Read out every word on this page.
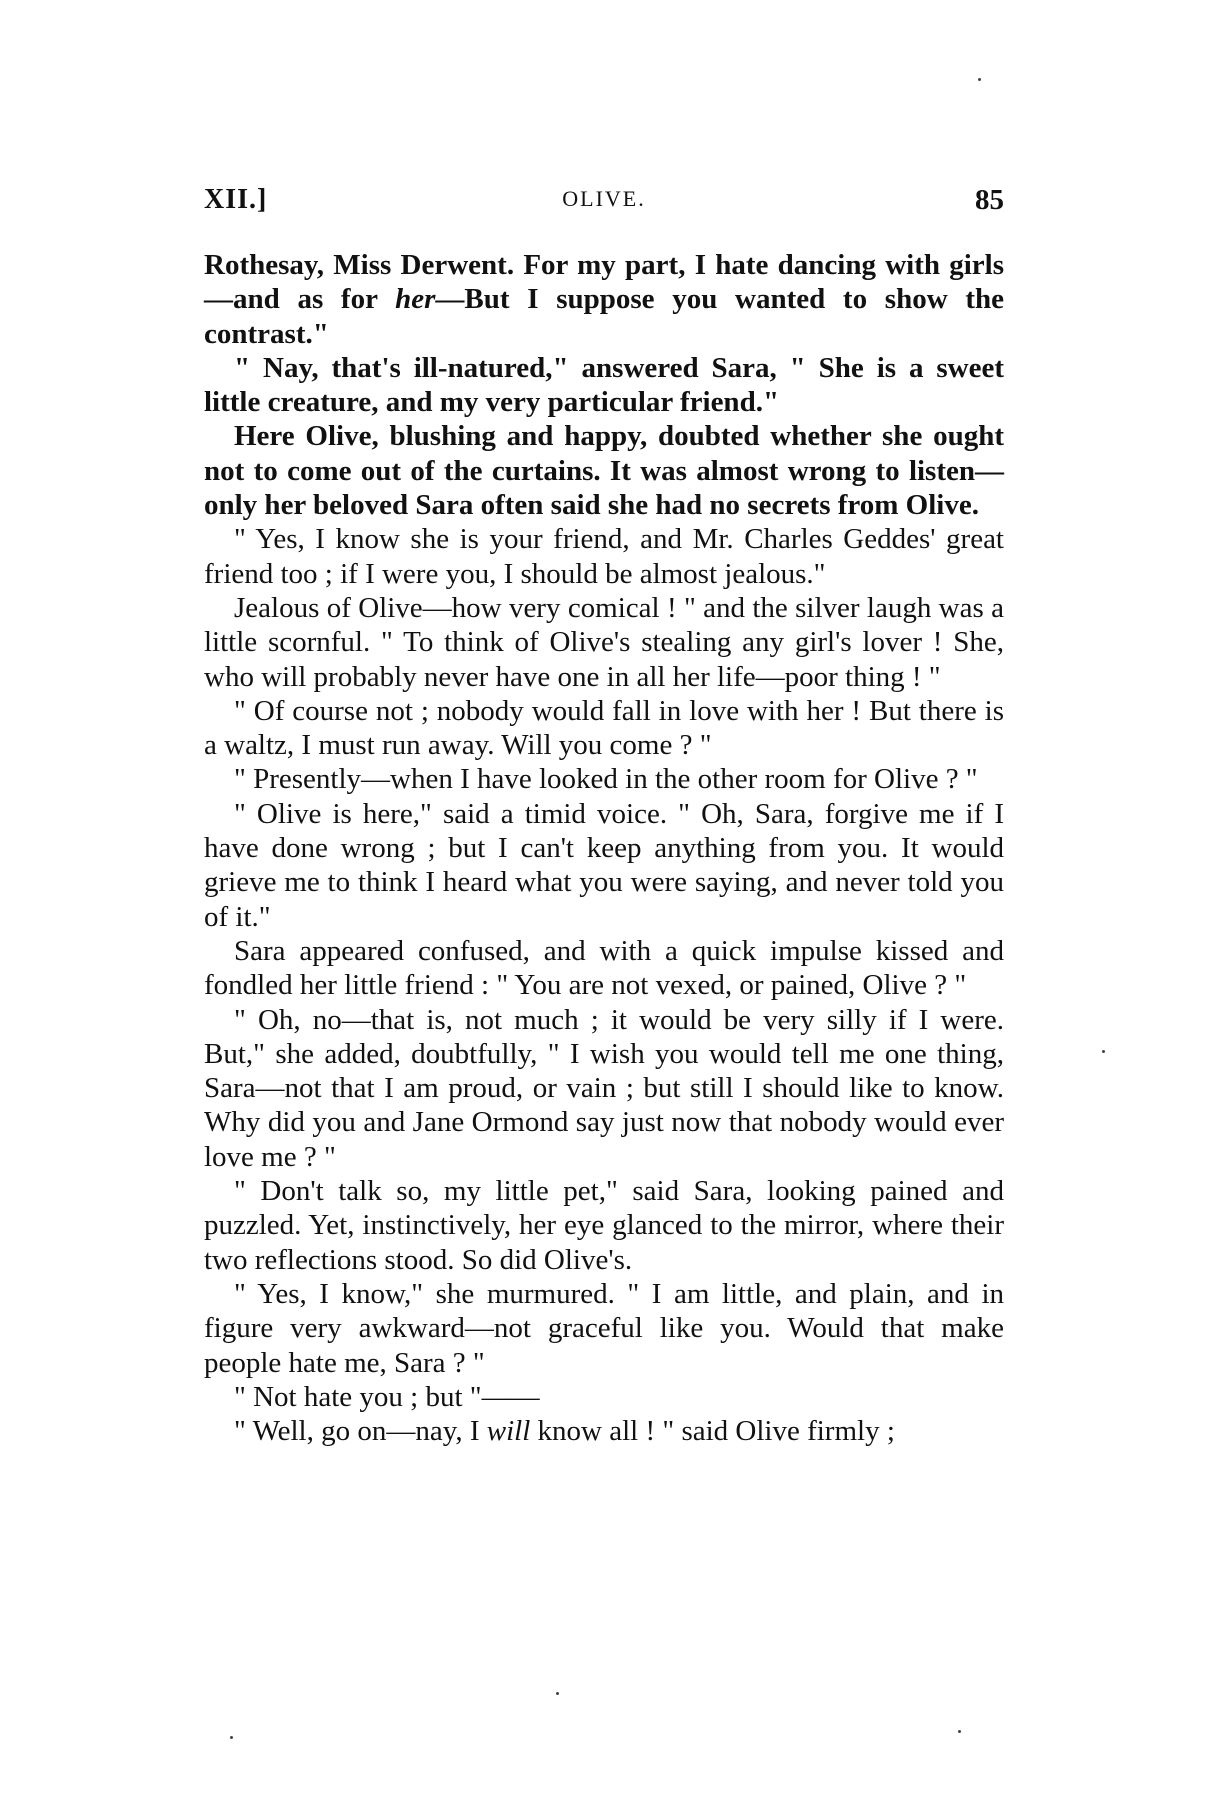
XII.]	OLIVE.	85

Rothesay, Miss Derwent. For my part, I hate dancing with girls—and as for her—But I suppose you wanted to show the contrast."

" Nay, that's ill-natured," answered Sara, " She is a sweet little creature, and my very particular friend."

Here Olive, blushing and happy, doubted whether she ought not to come out of the curtains. It was almost wrong to listen—only her beloved Sara often said she had no secrets from Olive.

" Yes, I know she is your friend, and Mr. Charles Geddes' great friend too ; if I were you, I should be almost jealous."

Jealous of Olive—how very comical ! " and the silver laugh was a little scornful. " To think of Olive's stealing any girl's lover ! She, who will probably never have one in all her life—poor thing ! "

" Of course not ; nobody would fall in love with her ! But there is a waltz, I must run away. Will you come ? "

" Presently—when I have looked in the other room for Olive ? "

" Olive is here," said a timid voice. " Oh, Sara, forgive me if I have done wrong ; but I can't keep anything from you. It would grieve me to think I heard what you were saying, and never told you of it."

Sara appeared confused, and with a quick impulse kissed and fondled her little friend : " You are not vexed, or pained, Olive ? "

" Oh, no—that is, not much ; it would be very silly if I were. But," she added, doubtfully, " I wish you would tell me one thing, Sara—not that I am proud, or vain ; but still I should like to know. Why did you and Jane Ormond say just now that nobody would ever love me ? "

" Don't talk so, my little pet," said Sara, looking pained and puzzled. Yet, instinctively, her eye glanced to the mirror, where their two reflections stood. So did Olive's.

" Yes, I know," she murmured. " I am little, and plain, and in figure very awkward—not graceful like you. Would that make people hate me, Sara ? "

" Not hate you ; but "——

" Well, go on—nay, I will know all ! " said Olive firmly ;
